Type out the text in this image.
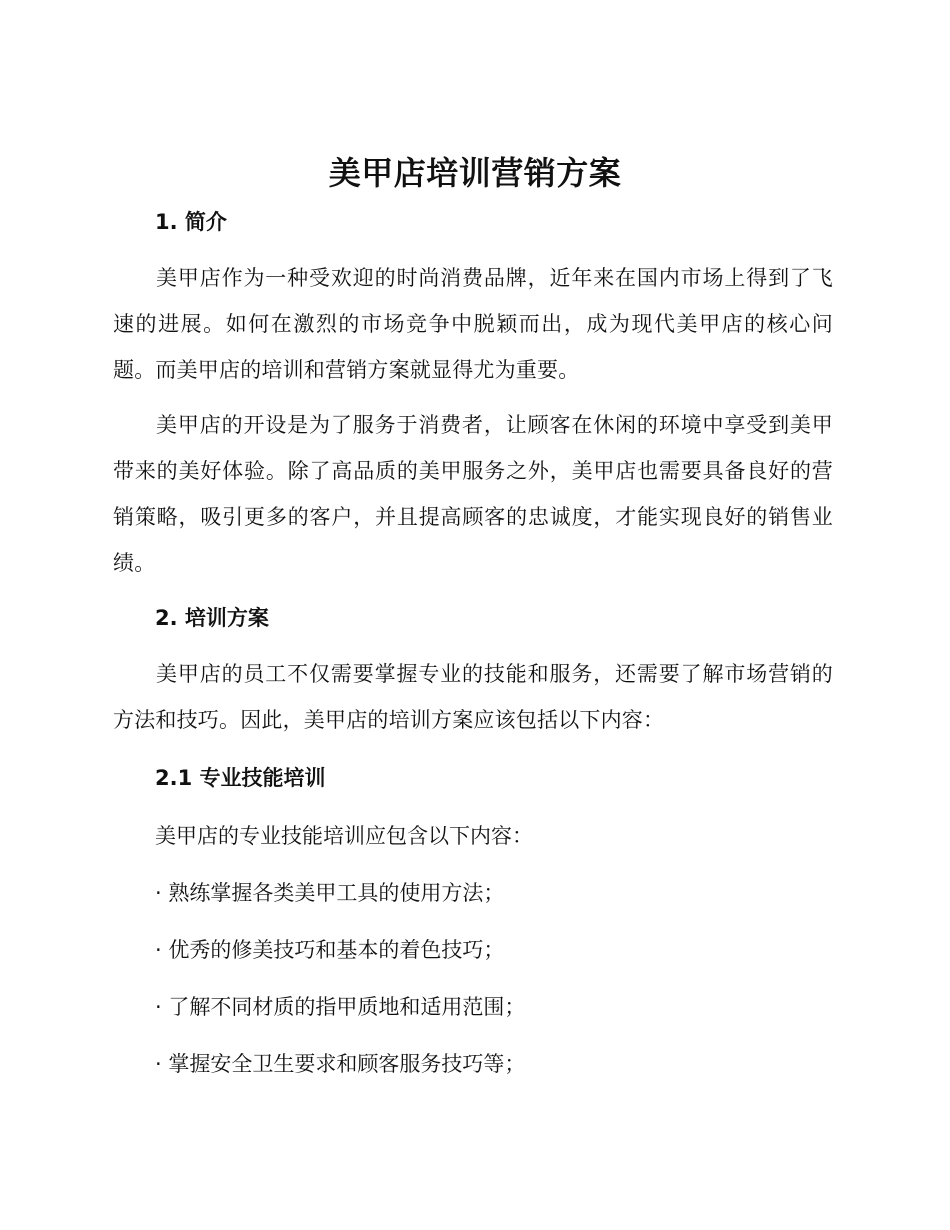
美甲店培训营销方案
1. 简介
美甲店作为一种受欢迎的时尚消费品牌，近年来在国内市场上得到了飞速的进展。如何在激烈的市场竞争中脱颖而出，成为现代美甲店的核心问题。而美甲店的培训和营销方案就显得尤为重要。
美甲店的开设是为了服务于消费者，让顾客在休闲的环境中享受到美甲带来的美好体验。除了高品质的美甲服务之外，美甲店也需要具备良好的营销策略，吸引更多的客户，并且提高顾客的忠诚度，才能实现良好的销售业绩。
2. 培训方案
美甲店的员工不仅需要掌握专业的技能和服务，还需要了解市场营销的方法和技巧。因此，美甲店的培训方案应该包括以下内容：
2.1 专业技能培训
美甲店的专业技能培训应包含以下内容：
· 熟练掌握各类美甲工具的使用方法；
· 优秀的修美技巧和基本的着色技巧；
· 了解不同材质的指甲质地和适用范围；
· 掌握安全卫生要求和顾客服务技巧等；
